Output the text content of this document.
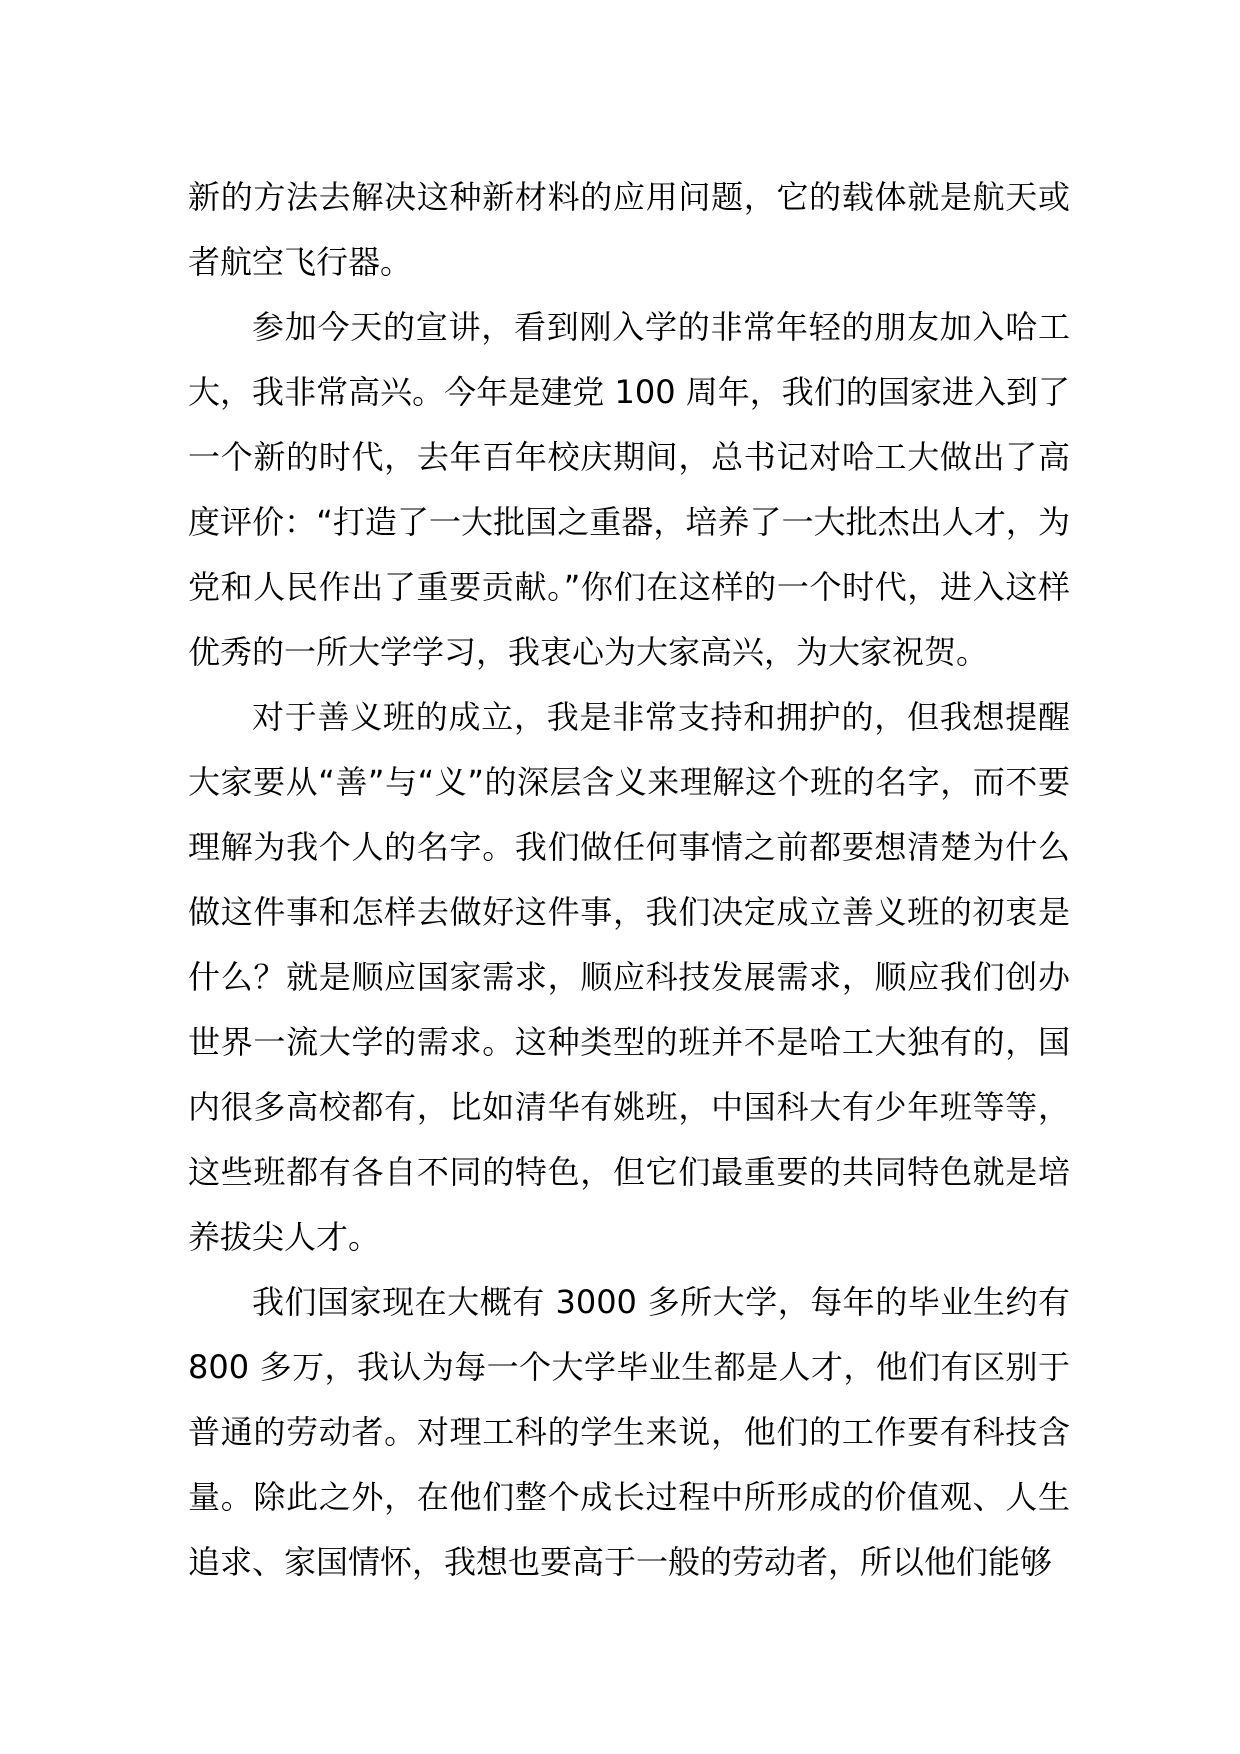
新的方法去解决这种新材料的应用问题，它的载体就是航天或者航空飞行器。

参加今天的宣讲，看到刚入学的非常年轻的朋友加入哈工大，我非常高兴。今年是建党 100 周年，我们的国家进入到了一个新的时代，去年百年校庆期间，总书记对哈工大做出了高度评价：“打造了一大批国之重器，培养了一大批杰出人才，为党和人民作出了重要贡献。”你们在这样的一个时代，进入这样优秀的一所大学学习，我衷心为大家高兴，为大家祝贺。

对于善义班的成立，我是非常支持和拥护的，但我想提醒大家要从“善”与“义”的深层含义来理解这个班的名字，而不要理解为我个人的名字。我们做任何事情之前都要想清楚为什么做这件事和怎样去做好这件事，我们决定成立善义班的初衷是什么？就是顺应国家需求，顺应科技发展需求，顺应我们创办世界一流大学的需求。这种类型的班并不是哈工大独有的，国内很多高校都有，比如清华有姚班，中国科大有少年班等等，这些班都有各自不同的特色，但它们最重要的共同特色就是培养拔尖人才。

我们国家现在大概有 3000 多所大学，每年的毕业生约有 800 多万，我认为每一个大学毕业生都是人才，他们有区别于普通的劳动者。对理工科的学生来说，他们的工作要有科技含量。除此之外，在他们整个成长过程中所形成的价值观、人生追求、家国情怀，我想也要高于一般的劳动者，所以他们能够
